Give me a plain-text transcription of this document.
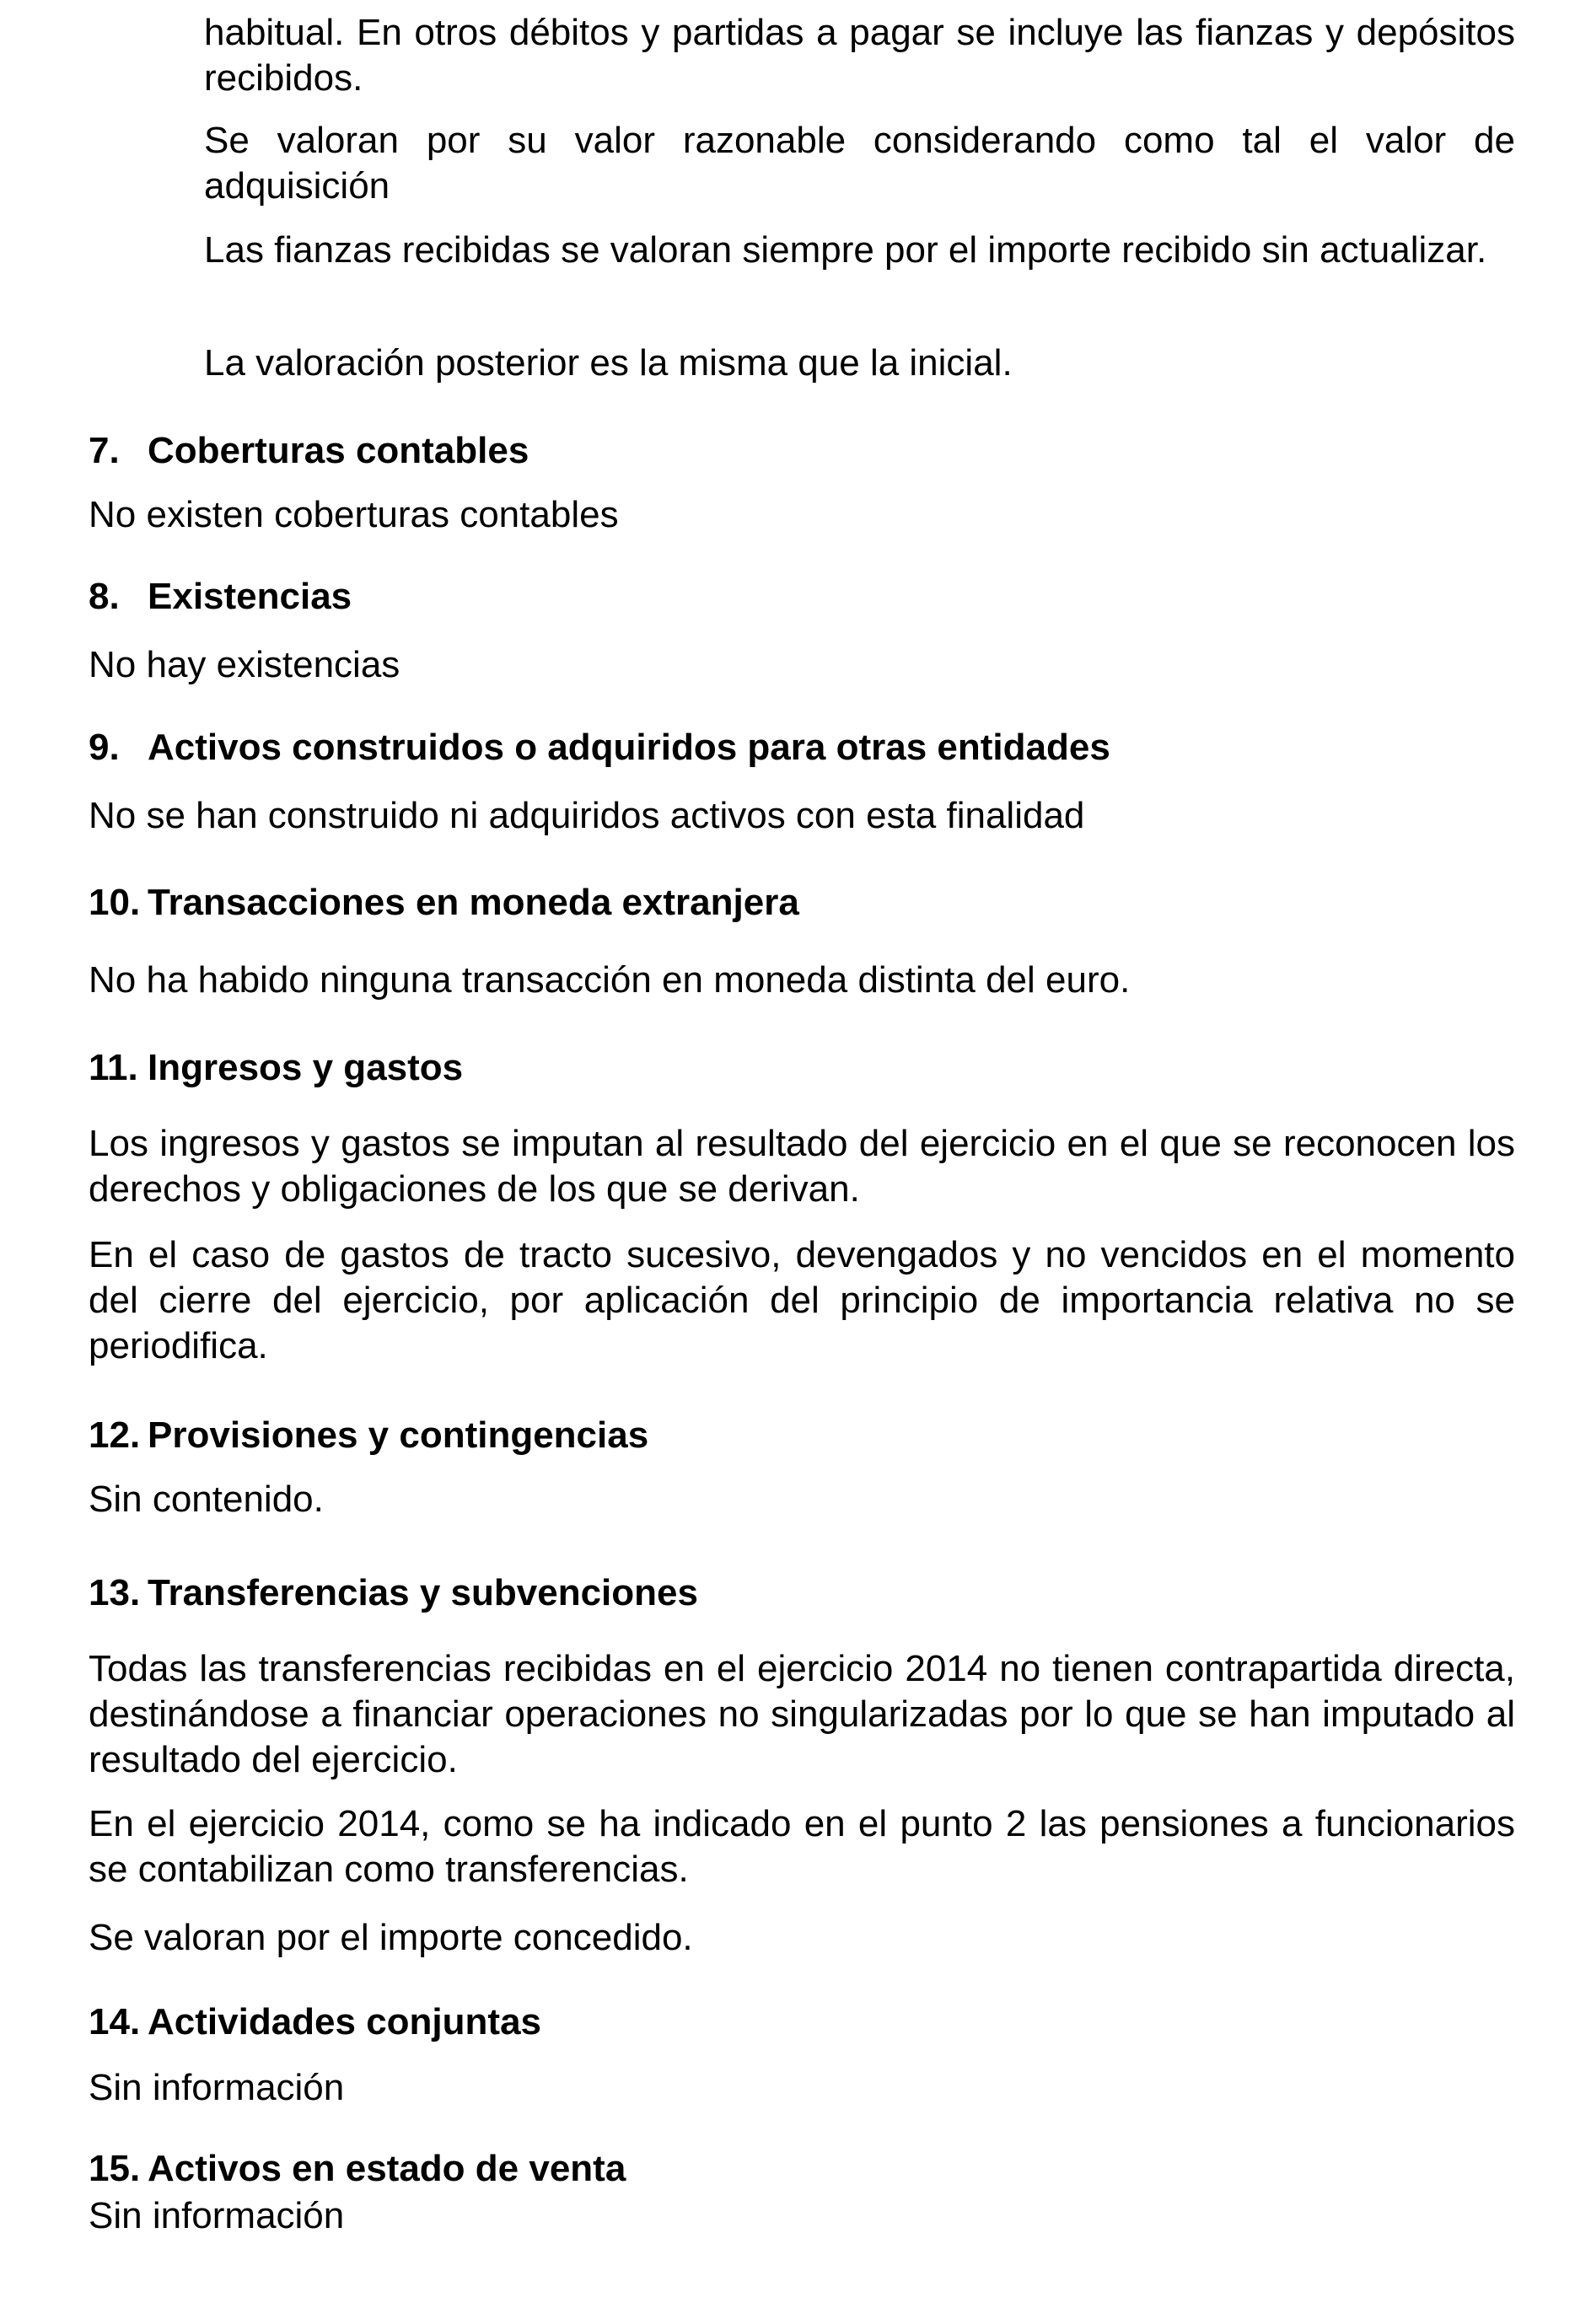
habitual. En otros débitos y partidas a pagar se incluye las fianzas y depósitos recibidos.

Se valoran por su valor razonable considerando como tal el valor de adquisición

Las fianzas recibidas se valoran siempre por el importe recibido sin actualizar.

La valoración posterior es la misma que la inicial.

7. Coberturas contables

No existen coberturas contables

8. Existencias

No hay existencias

9. Activos construidos o adquiridos para otras entidades

No se han construido ni adquiridos activos con esta finalidad

10. Transacciones en moneda extranjera

No ha habido ninguna transacción en moneda distinta del euro.

11. Ingresos y gastos

Los ingresos y gastos se imputan al resultado del ejercicio en el que se reconocen los derechos y obligaciones de los que se derivan.

En el caso de gastos de tracto sucesivo, devengados y no vencidos en el momento del cierre del ejercicio, por aplicación del principio de importancia relativa no se periodifica.

12. Provisiones y contingencias

Sin contenido.

13. Transferencias y subvenciones

Todas las transferencias recibidas en el ejercicio 2014 no tienen contrapartida directa, destinándose a financiar operaciones no singularizadas por lo que se han imputado al resultado del ejercicio.

En el ejercicio 2014, como se ha indicado en el punto 2 las pensiones a funcionarios se contabilizan como transferencias.

Se valoran por el importe concedido.

14. Actividades conjuntas

Sin información

15. Activos en estado de venta

Sin información
